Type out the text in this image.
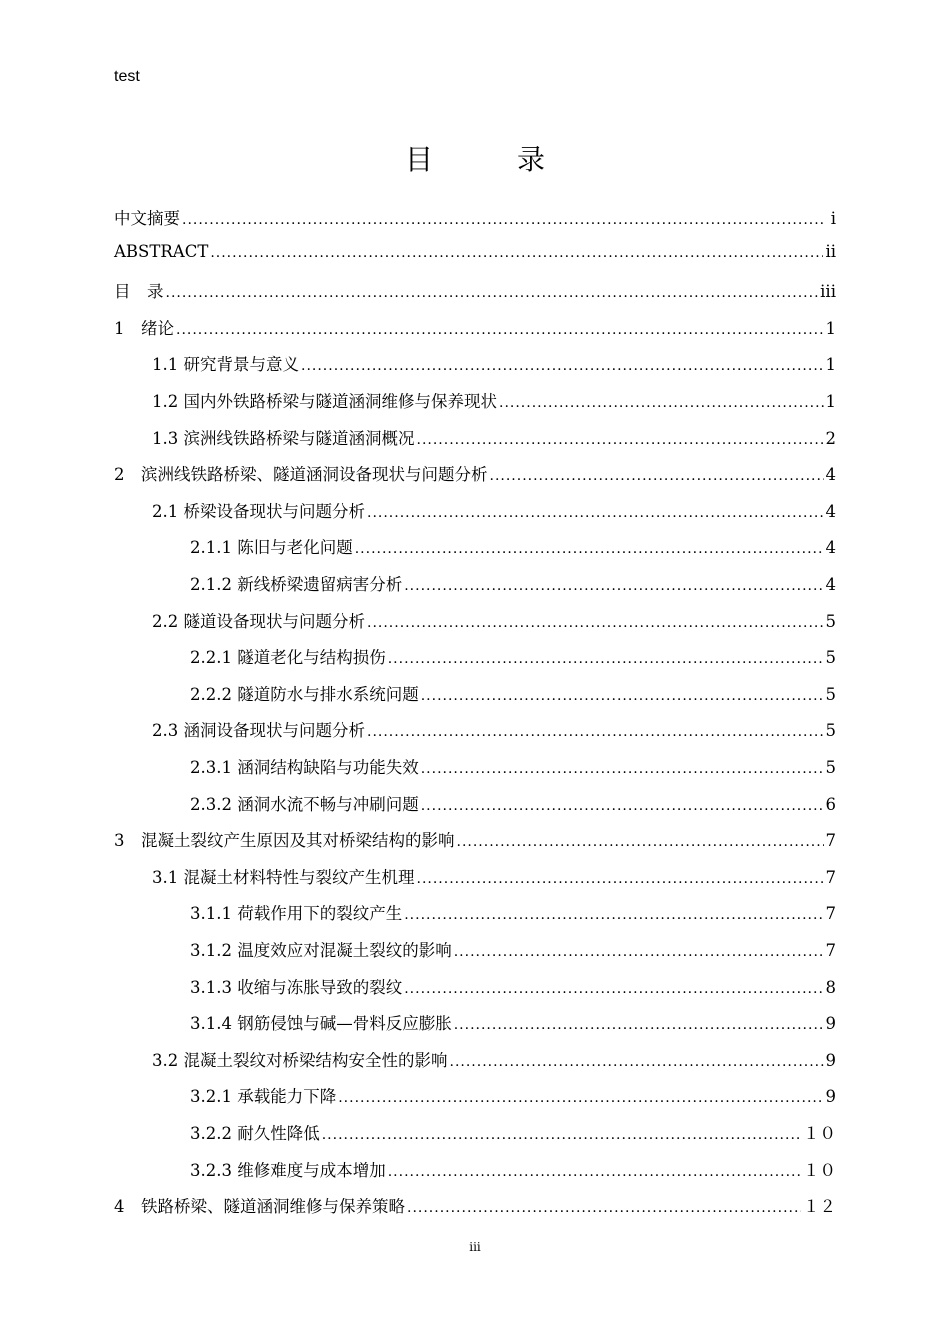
test
目　录
中文摘要 .....	i
ABSTRACT .....	ii
目　录 .....	iii
1　绪论 .....	1
1.1 研究背景与意义 .....	1
1.2 国内外铁路桥梁与隧道涵洞维修与保养现状 .....	1
1.3 滨洲线铁路桥梁与隧道涵洞概况 .....	2
2　滨洲线铁路桥梁、隧道涵洞设备现状与问题分析 .....	4
2.1 桥梁设备现状与问题分析 .....	4
2.1.1 陈旧与老化问题 .....	4
2.1.2 新线桥梁遗留病害分析 .....	4
2.2 隧道设备现状与问题分析 .....	5
2.2.1 隧道老化与结构损伤 .....	5
2.2.2 隧道防水与排水系统问题 .....	5
2.3 涵洞设备现状与问题分析 .....	5
2.3.1 涵洞结构缺陷与功能失效 .....	5
2.3.2 涵洞水流不畅与冲刷问题 .....	6
3　混凝土裂纹产生原因及其对桥梁结构的影响 .....	7
3.1 混凝土材料特性与裂纹产生机理 .....	7
3.1.1 荷载作用下的裂纹产生 .....	7
3.1.2 温度效应对混凝土裂纹的影响 .....	7
3.1.3 收缩与冻胀导致的裂纹 .....	8
3.1.4 钢筋侵蚀与碱—骨料反应膨胀 .....	9
3.2 混凝土裂纹对桥梁结构安全性的影响 .....	9
3.2.1 承载能力下降 .....	9
3.2.2 耐久性降低 .....	１０
3.2.3 维修难度与成本增加 .....	１０
4　铁路桥梁、隧道涵洞维修与保养策略 .....	１２
iii
